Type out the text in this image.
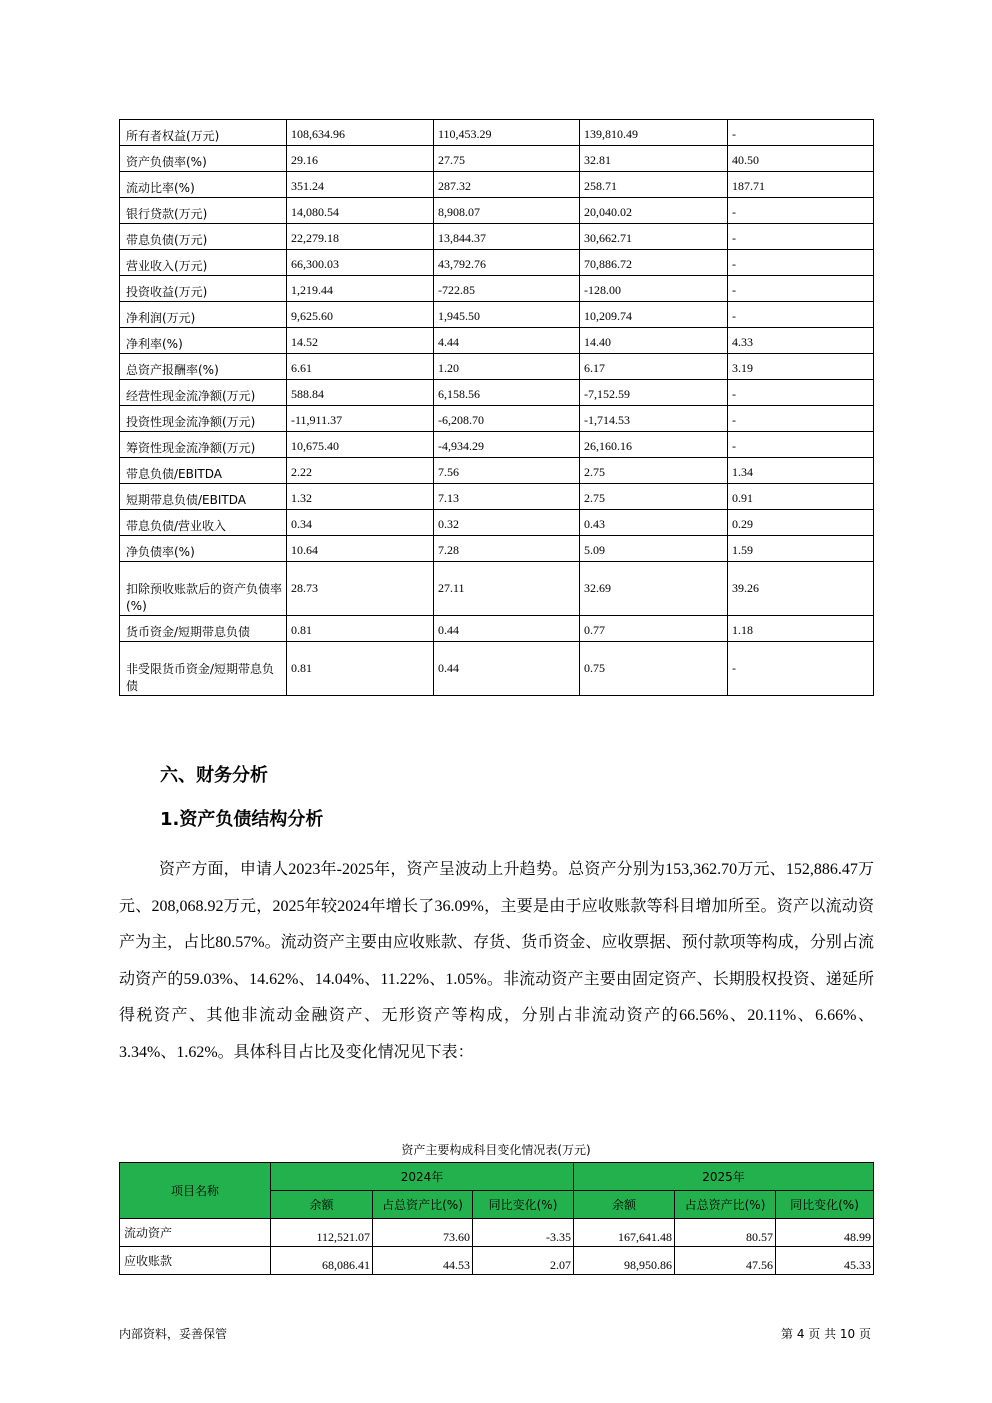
所有者权益(万元)	108,634.96	110,453.29	139,810.49	-
资产负债率(%)	29.16	27.75	32.81	40.50
流动比率(%)	351.24	287.32	258.71	187.71
银行贷款(万元)	14,080.54	8,908.07	20,040.02	-
带息负债(万元)	22,279.18	13,844.37	30,662.71	-
营业收入(万元)	66,300.03	43,792.76	70,886.72	-
投资收益(万元)	1,219.44	-722.85	-128.00	-
净利润(万元)	9,625.60	1,945.50	10,209.74	-
净利率(%)	14.52	4.44	14.40	4.33
总资产报酬率(%)	6.61	1.20	6.17	3.19
经营性现金流净额(万元)	588.84	6,158.56	-7,152.59	-
投资性现金流净额(万元)	-11,911.37	-6,208.70	-1,714.53	-
筹资性现金流净额(万元)	10,675.40	-4,934.29	26,160.16	-
带息负债/EBITDA	2.22	7.56	2.75	1.34
短期带息负债/EBITDA	1.32	7.13	2.75	0.91
带息负债/营业收入	0.34	0.32	0.43	0.29
净负债率(%)	10.64	7.28	5.09	1.59
扣除预收账款后的资产负债率(%)	28.73	27.11	32.69	39.26
货币资金/短期带息负债	0.81	0.44	0.77	1.18
非受限货币资金/短期带息负债	0.81	0.44	0.75	-
六、财务分析
1.资产负债结构分析

资产方面，申请人2023年-2025年，资产呈波动上升趋势。总资产分别为153,362.70万元、152,886.47万元、208,068.92万元，2025年较2024年增长了36.09%，主要是由于应收账款等科目增加所至。资产以流动资产为主，占比80.57%。流动资产主要由应收账款、存货、货币资金、应收票据、预付款项等构成，分别占流动资产的59.03%、14.62%、14.04%、11.22%、1.05%。非流动资产主要由固定资产、长期股权投资、递延所得税资产、其他非流动金融资产、无形资产等构成，分别占非流动资产的66.56%、20.11%、6.66%、3.34%、1.62%。具体科目占比及变化情况见下表：

资产主要构成科目变化情况表(万元)

项目名称	2024年			2025年		
	余额	占总资产比(%)	同比变化(%)	余额	占总资产比(%)	同比变化(%)
流动资产	112,521.07	73.60	-3.35	167,641.48	80.57	48.99
应收账款	68,086.41	44.53	2.07	98,950.86	47.56	45.33

内部资料，妥善保管	第 4 页 共 10 页
